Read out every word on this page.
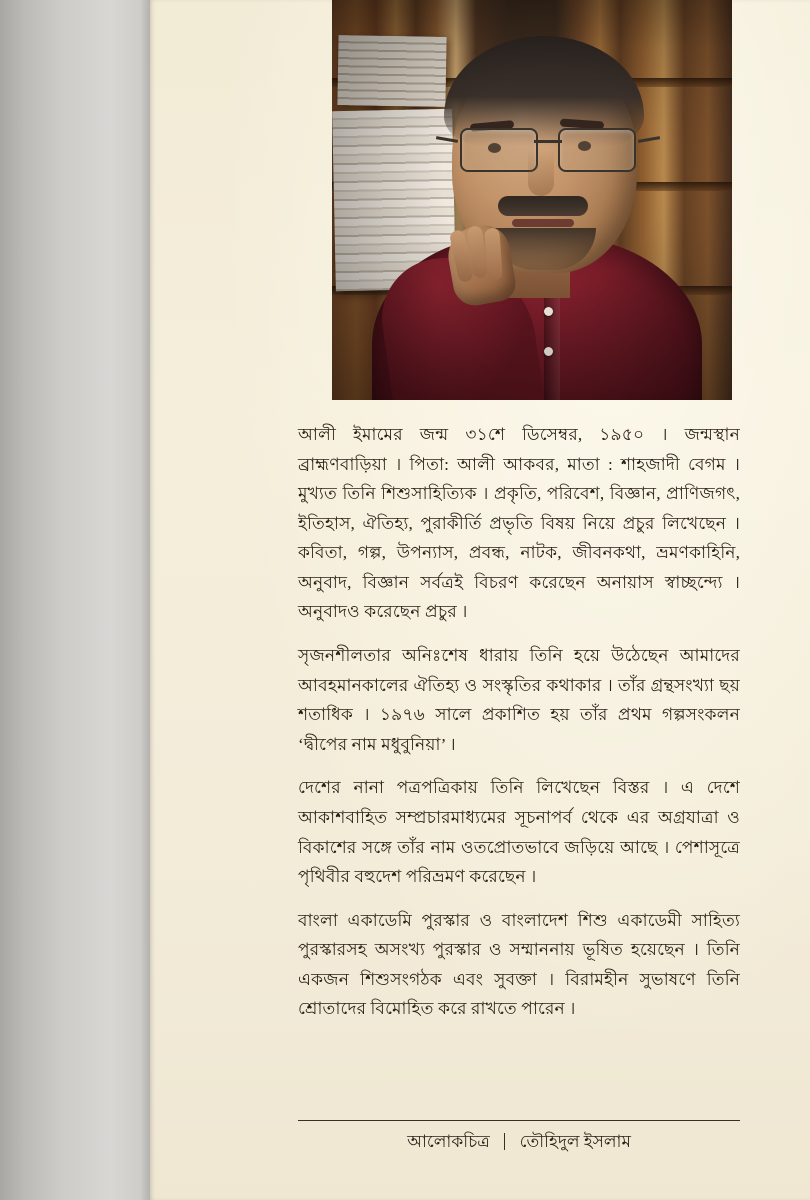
আলী ইমামের জন্ম ৩১শে ডিসেম্বর, ১৯৫০ । জন্মস্থান ব্রাহ্মণবাড়িয়া । পিতা: আলী আকবর, মাতা : শাহজাদী বেগম । মুখ্যত তিনি শিশুসাহিত্যিক । প্রকৃতি, পরিবেশ, বিজ্ঞান, প্রাণিজগৎ, ইতিহাস, ঐতিহ্য, পুরাকীর্তি প্রভৃতি বিষয় নিয়ে প্রচুর লিখেছেন । কবিতা, গল্প, উপন্যাস, প্রবন্ধ, নাটক, জীবনকথা, ভ্রমণকাহিনি, অনুবাদ, বিজ্ঞান সর্বত্রই বিচরণ করেছেন অনায়াস স্বাচ্ছন্দ্যে । অনুবাদও করেছেন প্রচুর ।

সৃজনশীলতার অনিঃশেষ ধারায় তিনি হয়ে উঠেছেন আমাদের আবহমানকালের ঐতিহ্য ও সংস্কৃতির কথাকার । তাঁর গ্রন্থসংখ্যা ছয় শতাধিক । ১৯৭৬ সালে প্রকাশিত হয় তাঁর প্রথম গল্পসংকলন ‘দ্বীপের নাম মধুবুনিয়া’ ।

দেশের নানা পত্রপত্রিকায় তিনি লিখেছেন বিস্তর । এ দেশে আকাশবাহিত সম্প্রচারমাধ্যমের সূচনাপর্ব থেকে এর অগ্রযাত্রা ও বিকাশের সঙ্গে তাঁর নাম ওতপ্রোতভাবে জড়িয়ে আছে । পেশাসূত্রে পৃথিবীর বহুদেশ পরিভ্রমণ করেছেন ।

বাংলা একাডেমি পুরস্কার ও বাংলাদেশ শিশু একাডেমী সাহিত্য পুরস্কারসহ অসংখ্য পুরস্কার ও সম্মাননায় ভূষিত হয়েছেন । তিনি একজন শিশুসংগঠক এবং সুবক্তা । বিরামহীন সুভাষণে তিনি শ্রোতাদের বিমোহিত করে রাখতে পারেন ।

আলোকচিত্র তৌহিদুল ইসলাম
